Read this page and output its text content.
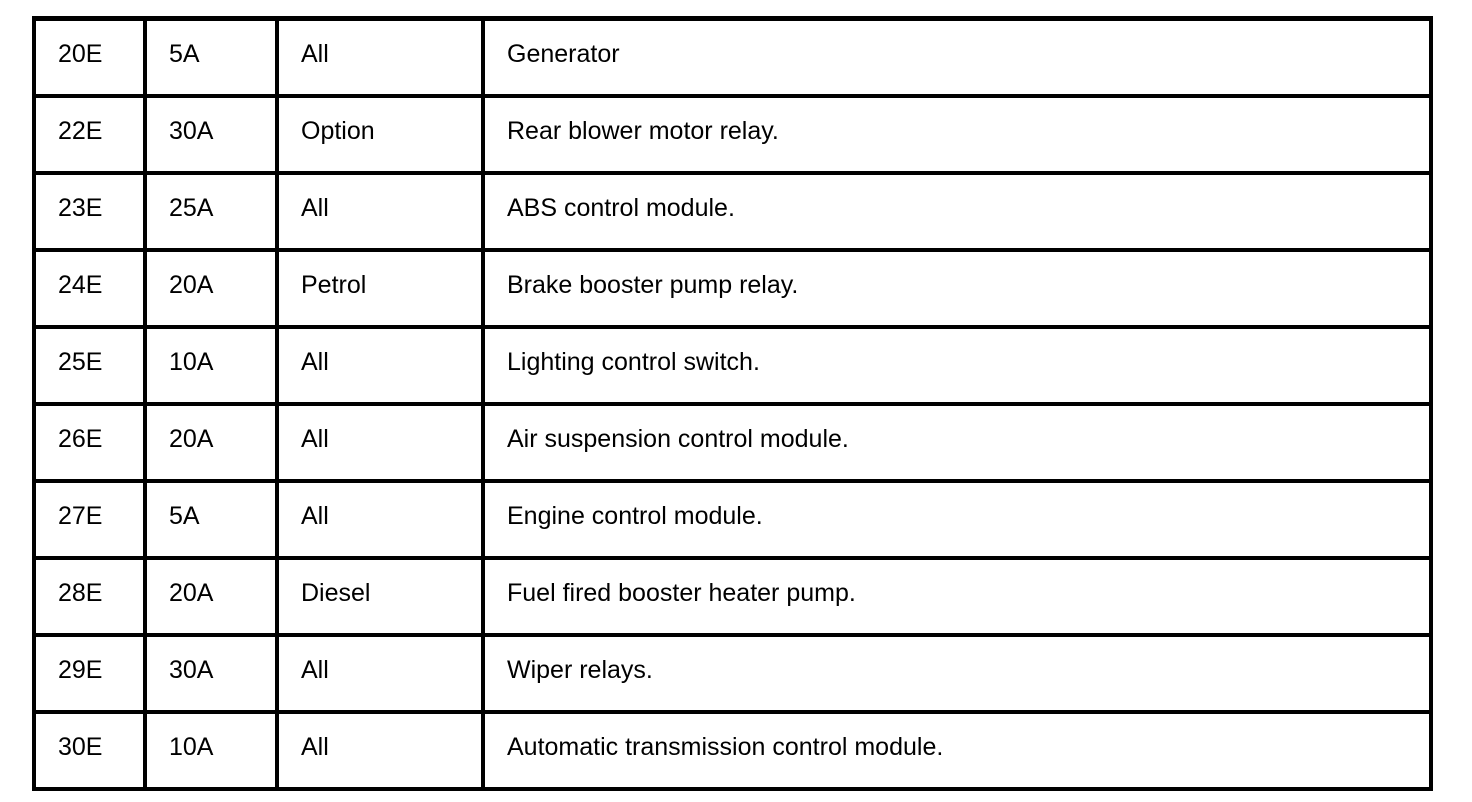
20E	5A	All	Generator
22E	30A	Option	Rear blower motor relay.
23E	25A	All	ABS control module.
24E	20A	Petrol	Brake booster pump relay.
25E	10A	All	Lighting control switch.
26E	20A	All	Air suspension control module.
27E	5A	All	Engine control module.
28E	20A	Diesel	Fuel fired booster heater pump.
29E	30A	All	Wiper relays.
30E	10A	All	Automatic transmission control module.
